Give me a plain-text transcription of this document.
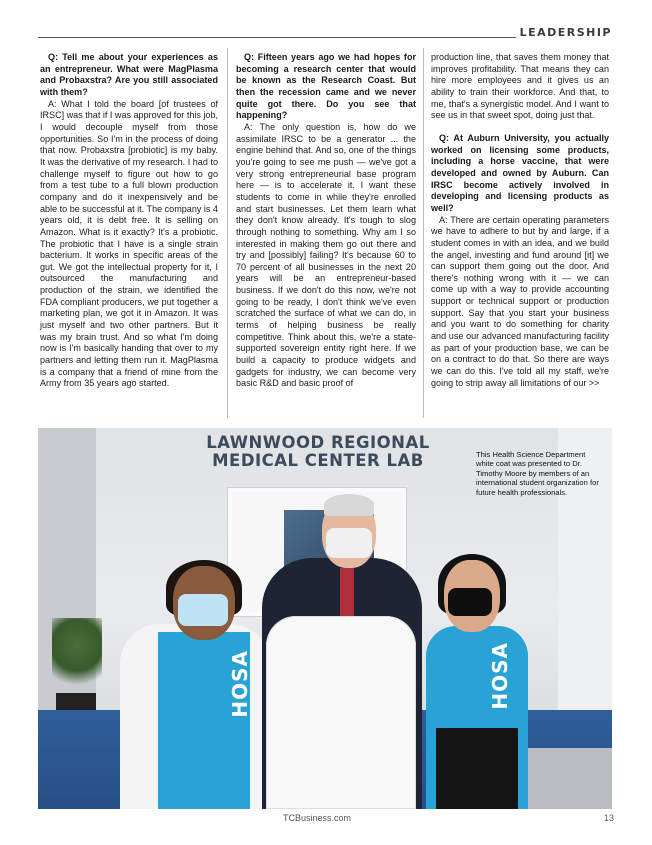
LEADERSHIP

Q: Tell me about your experiences as an entrepreneur. What were MagPlasma and Probaxstra? Are you still associated with them?

A: What I told the board [of trustees of IRSC] was that if I was approved for this job, I would decouple myself from those opportunities. So I'm in the process of doing that now. Probaxstra [probiotic] is my baby. It was the derivative of my research. I had to challenge myself to figure out how to go from a test tube to a full blown production company and do it inexpensively and be able to be successful at it. The company is 4 years old, it is debt free. It is selling on Amazon. What is it exactly? It's a probiotic. The probiotic that I have is a single strain bacterium. It works in specific areas of the gut. We got the intellectual property for it, I outsourced the manufacturing and production of the strain, we identified the FDA compliant producers, we put together a marketing plan, we got it in Amazon. It was just myself and two other partners. But it was my brain trust. And so what I'm doing now is I'm basically handing that over to my partners and letting them run it. MagPlasma is a company that a friend of mine from the Army from 35 years ago started.

Q: Fifteen years ago we had hopes for becoming a research center that would be known as the Research Coast. But then the recession came and we never quite got there. Do you see that happening?

A: The only question is, how do we assimilate IRSC to be a generator ... the engine behind that. And so, one of the things you're going to see me push — we've got a very strong entrepreneurial base program here — is to accelerate it. I want these students to come in while they're enrolled and start businesses. Let them learn what they don't know already. It's tough to slog through nothing to something. Why am I so interested in making them go out there and try and [possibly] failing? It's because 60 to 70 percent of all businesses in the next 20 years will be an entrepreneur-based business. If we don't do this now, we're not going to be ready, I don't think we've even scratched the surface of what we can do, in terms of helping business be really competitive. Think about this, we're a state-supported sovereign entity right here. If we build a capacity to produce widgets and gadgets for industry, we can become very basic R&D and basic proof of

production line, that saves them money that improves profitability. That means they can hire more employees and it gives us an ability to train their workforce. And that, to me, that's a synergistic model. And I want to see us in that sweet spot, doing just that.

Q: At Auburn University, you actually worked on licensing some products, including a horse vaccine, that were developed and owned by Auburn. Can IRSC become actively involved in developing and licensing products as well?

A: There are certain operating parameters we have to adhere to but by and large, if a student comes in with an idea, and we build the angel, investing and fund around [it] we can support them going out the door. And there's nothing wrong with it — we can come up with a way to provide accounting support or technical support or production support. Say that you start your business and you want to do something for charity and use our advanced manufacturing facility as part of your production base, we can be on a contract to do that. So there are ways we can do this. I've told all my staff, we're going to strip away all limitations of our >>

LAWNWOOD REGIONAL
MEDICAL CENTER LAB
HOSA	HOSA
This Health Science Department white coat was presented to Dr. Timothy Moore by members of an international student organization for future health professionals.
TCBusiness.com	13
